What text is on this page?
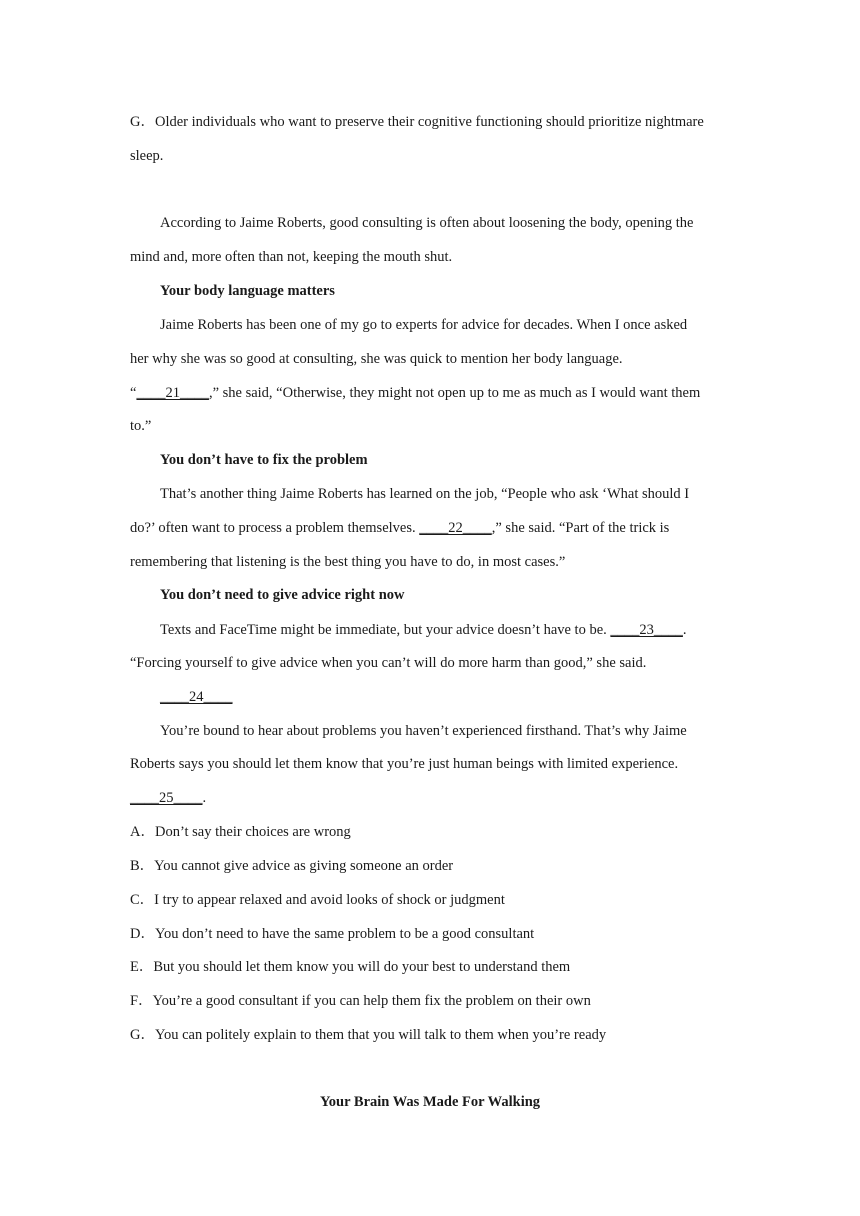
G．Older individuals who want to preserve their cognitive functioning should prioritize nightmare
sleep.
According to Jaime Roberts, good consulting is often about loosening the body, opening the
mind and, more often than not, keeping the mouth shut.
Your body language matters
Jaime Roberts has been one of my go to experts for advice for decades. When I once asked
her why she was so good at consulting, she was quick to mention her body language.
“____21____,” she said, “Otherwise, they might not open up to me as much as I would want them
to.”
You don’t have to fix the problem
That’s another thing Jaime Roberts has learned on the job, “People who ask ‘What should I
do?’ often want to process a problem themselves. ____22____,” she said. “Part of the trick is
remembering that listening is the best thing you have to do, in most cases.”
You don’t need to give advice right now
Texts and FaceTime might be immediate, but your advice doesn’t have to be. ____23____.
“Forcing yourself to give advice when you can’t will do more harm than good,” she said.
____24____
You’re bound to hear about problems you haven’t experienced firsthand. That’s why Jaime
Roberts says you should let them know that you’re just human beings with limited experience.
____25____.
A．Don’t say their choices are wrong
B．You cannot give advice as giving someone an order
C．I try to appear relaxed and avoid looks of shock or judgment
D．You don’t need to have the same problem to be a good consultant
E．But you should let them know you will do your best to understand them
F．You’re a good consultant if you can help them fix the problem on their own
G．You can politely explain to them that you will talk to them when you’re ready
Your Brain Was Made For Walking
